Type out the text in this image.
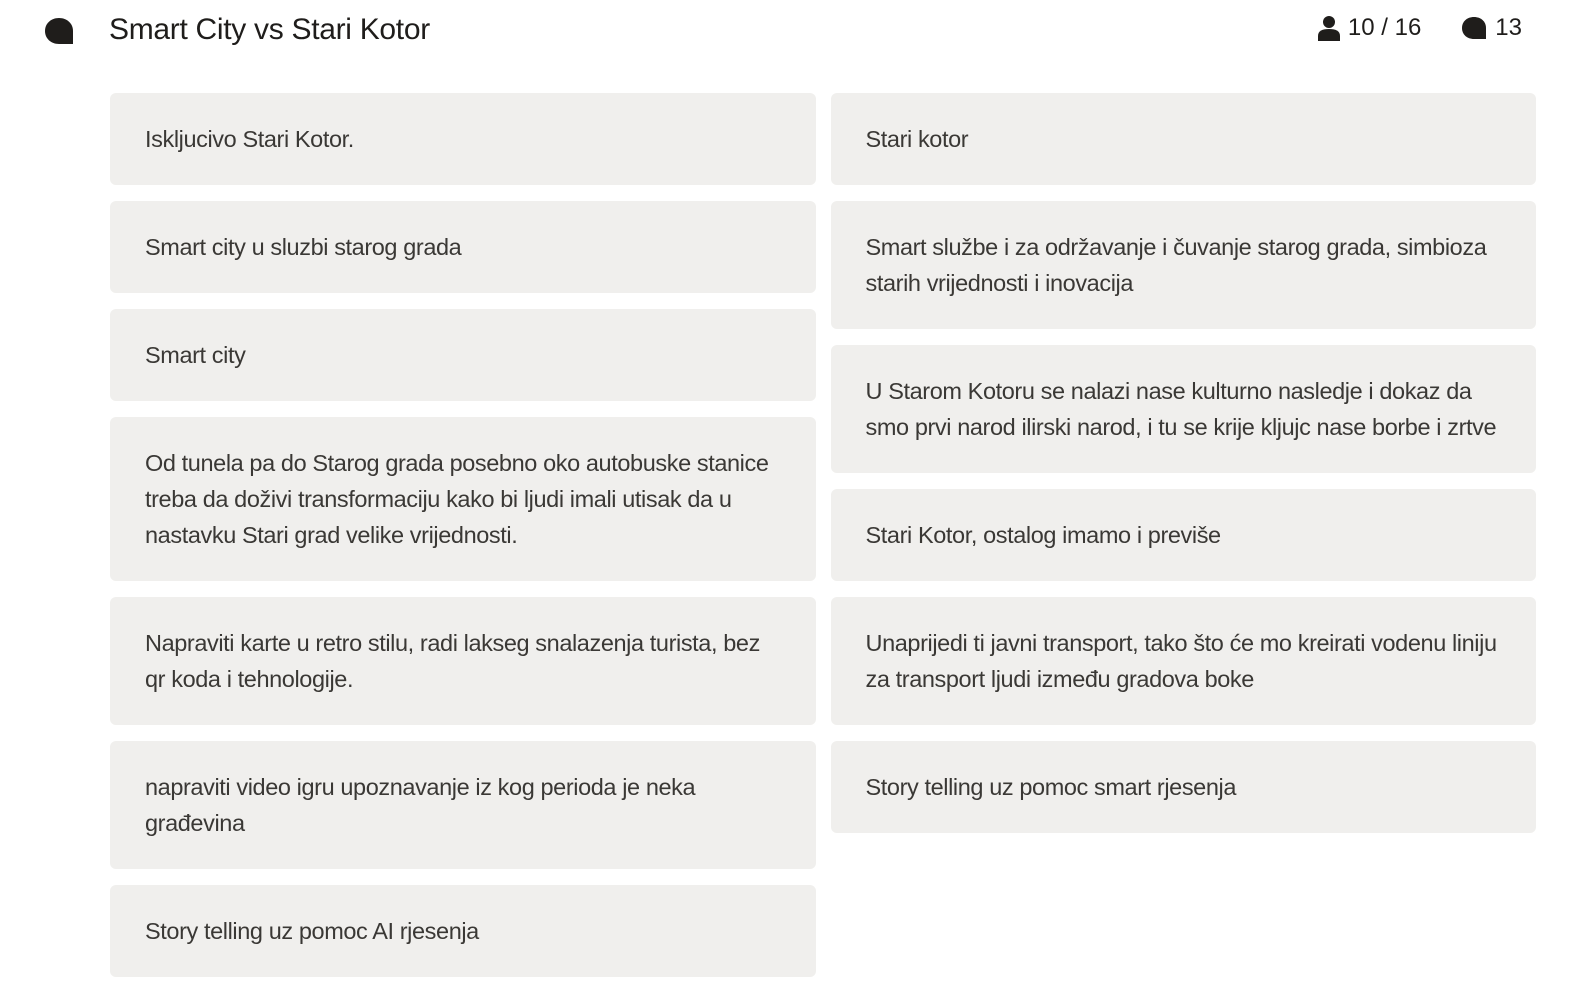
Smart City vs Stari Kotor	10 / 16	13
Iskljucivo Stari Kotor.
Smart city u sluzbi starog grada
Smart city
Od tunela pa do Starog grada posebno oko autobuske stanice treba da doživi transformaciju kako bi ljudi imali utisak da u nastavku Stari grad velike vrijednosti.
Napraviti karte u retro stilu, radi lakseg snalazenja turista, bez qr koda i tehnologije.
napraviti video igru upoznavanje iz kog perioda je neka građevina
Story telling uz pomoc AI rjesenja
Stari kotor
Smart službe i za održavanje i čuvanje starog grada, simbioza starih vrijednosti i inovacija
U Starom Kotoru se nalazi nase kulturno nasledje i dokaz da smo prvi narod ilirski narod, i tu se krije kljujc nase borbe i zrtve
Stari Kotor, ostalog imamo i previše
Unaprijedi ti javni transport, tako što će mo kreirati vodenu liniju za transport ljudi između gradova boke
Story telling uz pomoc smart rjesenja
